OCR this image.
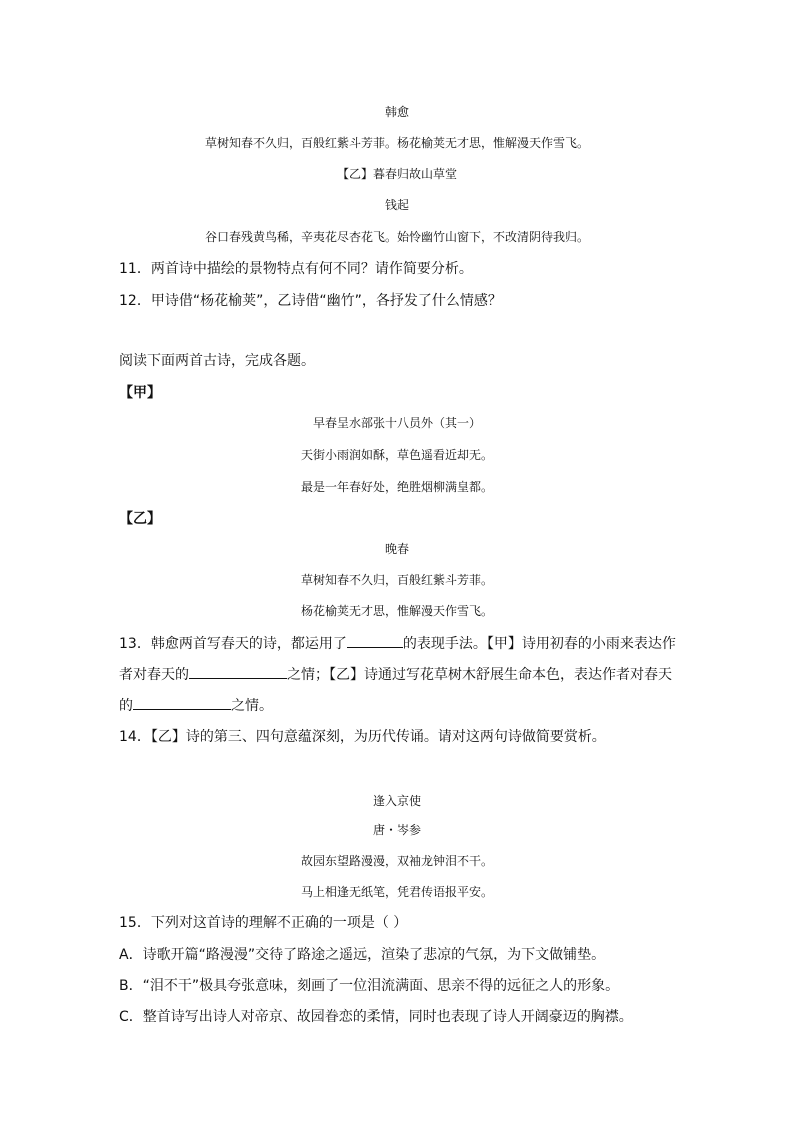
韩愈
草树知春不久归，百般红紫斗芳菲。杨花榆荚无才思，惟解漫天作雪飞。
【乙】暮春归故山草堂
钱起
谷口春残黄鸟稀，辛夷花尽杏花飞。始怜幽竹山窗下，不改清阴待我归。
11．两首诗中描绘的景物特点有何不同？请作简要分析。
12．甲诗借“杨花榆荚”，乙诗借“幽竹”，各抒发了什么情感？
阅读下面两首古诗，完成各题。
【甲】
早春呈水部张十八员外（其一）
天街小雨润如酥，草色遥看近却无。
最是一年春好处，绝胜烟柳满皇都。
【乙】
晚春
草树知春不久归，百般红紫斗芳菲。
杨花榆荚无才思，惟解漫天作雪飞。
13．韩愈两首写春天的诗，都运用了	的表现手法。【甲】诗用初春的小雨来表达作
者对春天的	之情；【乙】诗通过写花草树木舒展生命本色，表达作者对春天
的	之情。
14．【乙】诗的第三、四句意蕴深刻，为历代传诵。请对这两句诗做简要赏析。
逢入京使
唐・岑参
故园东望路漫漫，双袖龙钟泪不干。
马上相逢无纸笔，凭君传语报平安。
15．下列对这首诗的理解不正确的一项是（ ）
A．诗歌开篇“路漫漫”交待了路途之遥远，渲染了悲凉的气氛，为下文做铺垫。
B．“泪不干”极具夸张意味，刻画了一位泪流满面、思亲不得的远征之人的形象。
C．整首诗写出诗人对帝京、故园眷恋的柔情，同时也表现了诗人开阔豪迈的胸襟。
